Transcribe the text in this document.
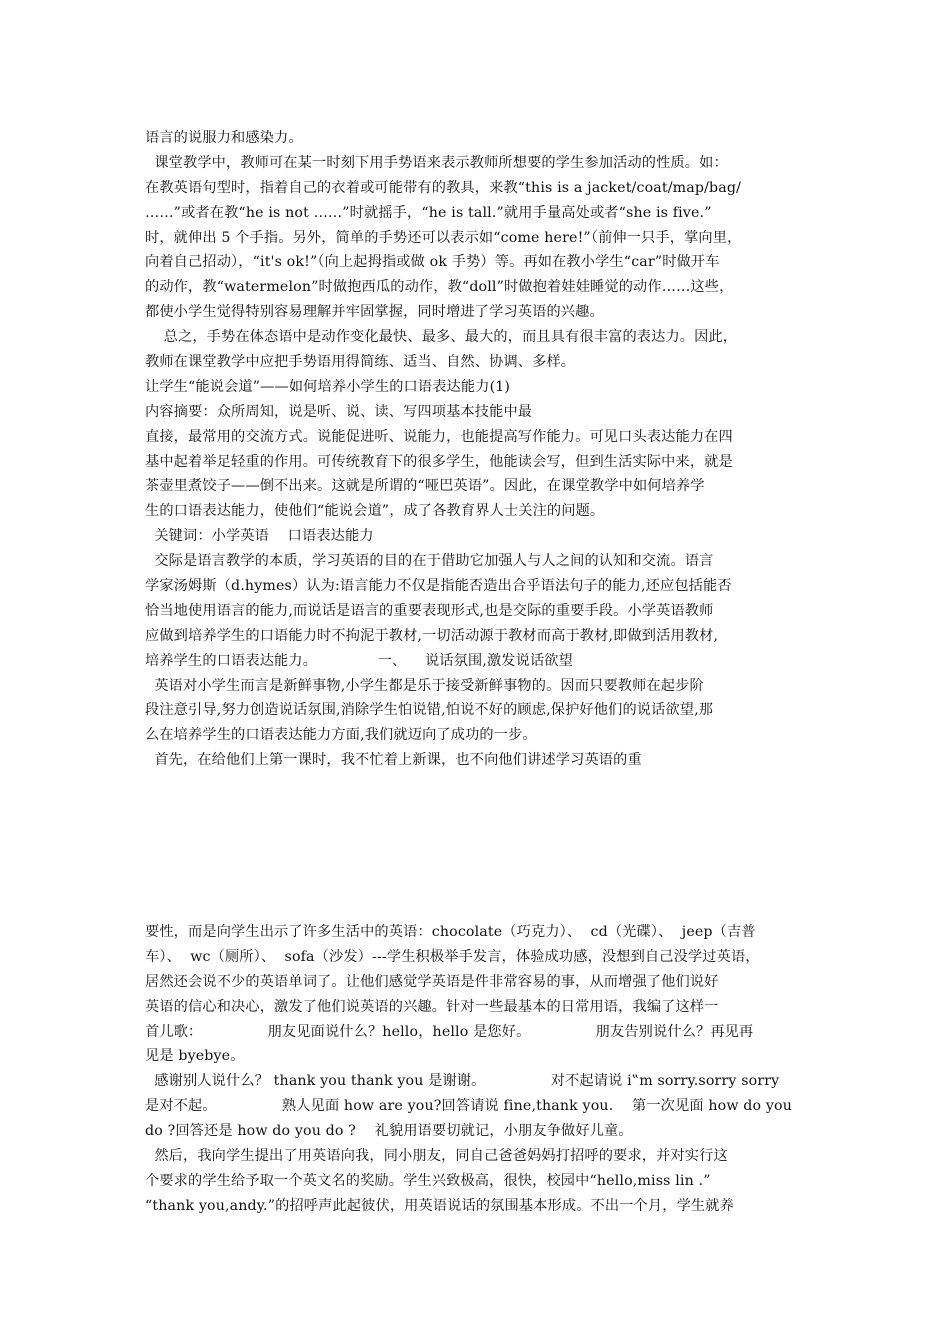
语言的说服力和感染力。
课堂教学中，教师可在某一时刻下用手势语来表示教师所想要的学生参加活动的性质。如：
在教英语句型时，指着自己的衣着或可能带有的教具，来教“this is a jacket/coat/map/bag/
……”或者在教“he is not ……”时就摇手，“he is tall.”就用手量高处或者“she is five.”
时，就伸出 5 个手指。另外，简单的手势还可以表示如“come here!”（前伸一只手，掌向里，
向着自己招动），“it's ok!”（向上起拇指或做 ok 手势）等。再如在教小学生“car”时做开车
的动作，教“watermelon”时做抱西瓜的动作，教“doll”时做抱着娃娃睡觉的动作……这些，
都使小学生觉得特别容易理解并牢固掌握，同时增进了学习英语的兴趣。
总之，手势在体态语中是动作变化最快、最多、最大的，而且具有很丰富的表达力。因此，
教师在课堂教学中应把手势语用得简练、适当、自然、协调、多样。
让学生“能说会道”——如何培养小学生的口语表达能力(1)
内容摘要：众所周知，说是听、说、读、写四项基本技能中最
直接，最常用的交流方式。说能促进听、说能力，也能提高写作能力。可见口头表达能力在四
基中起着举足轻重的作用。可传统教育下的很多学生，他能读会写，但到生活实际中来，就是
茶壶里煮饺子——倒不出来。这就是所谓的“哑巴英语”。因此，在课堂教学中如何培养学
生的口语表达能力，使他们“能说会道”，成了各教育界人士关注的问题。
关键词：小学英语    口语表达能力
交际是语言教学的本质，学习英语的目的在于借助它加强人与人之间的认知和交流。语言
学家汤姆斯（d.hymes）认为:语言能力不仅是指能否造出合乎语法句子的能力,还应包括能否
恰当地使用语言的能力,而说话是语言的重要表现形式,也是交际的重要手段。小学英语教师
应做到培养学生的口语能力时不拘泥于教材,一切活动源于教材而高于教材,即做到活用教材,
培养学生的口语表达能力。             一、    说话氛围,激发说话欲望
英语对小学生而言是新鲜事物,小学生都是乐于接受新鲜事物的。因而只要教师在起步阶
段注意引导,努力创造说话氛围,消除学生怕说错,怕说不好的顾虑,保护好他们的说话欲望,那
么在培养学生的口语表达能力方面,我们就迈向了成功的一步。
首先，在给他们上第一课时，我不忙着上新课，也不向他们讲述学习英语的重
要性，而是向学生出示了许多生活中的英语：chocolate（巧克力）、  cd（光碟）、  jeep（吉普
车）、  wc（厕所）、  sofa（沙发）---学生积极举手发言，体验成功感，没想到自己没学过英语，
居然还会说不少的英语单词了。让他们感觉学英语是件非常容易的事，从而增强了他们说好
英语的信心和决心，激发了他们说英语的兴趣。针对一些最基本的日常用语，我编了这样一
首儿歌：              朋友见面说什么？hello，hello 是您好。              朋友告别说什么？再见再
见是 byebye。
感谢别人说什么？ thank you thank you 是谢谢。              对不起请说 i‟m sorry.sorry sorry
是对不起。              熟人见面 how are you?回答请说 fine,thank you.    第一次见面 how do you
do ?回答还是 how do you do ?    礼貌用语要切就记，小朋友争做好儿童。
然后，我向学生提出了用英语向我，同小朋友，同自己爸爸妈妈打招呼的要求，并对实行这
个要求的学生给予取一个英文名的奖励。学生兴致极高，很快，校园中“hello,miss lin .”
“thank you,andy.”的招呼声此起彼伏，用英语说话的氛围基本形成。不出一个月，学生就养
